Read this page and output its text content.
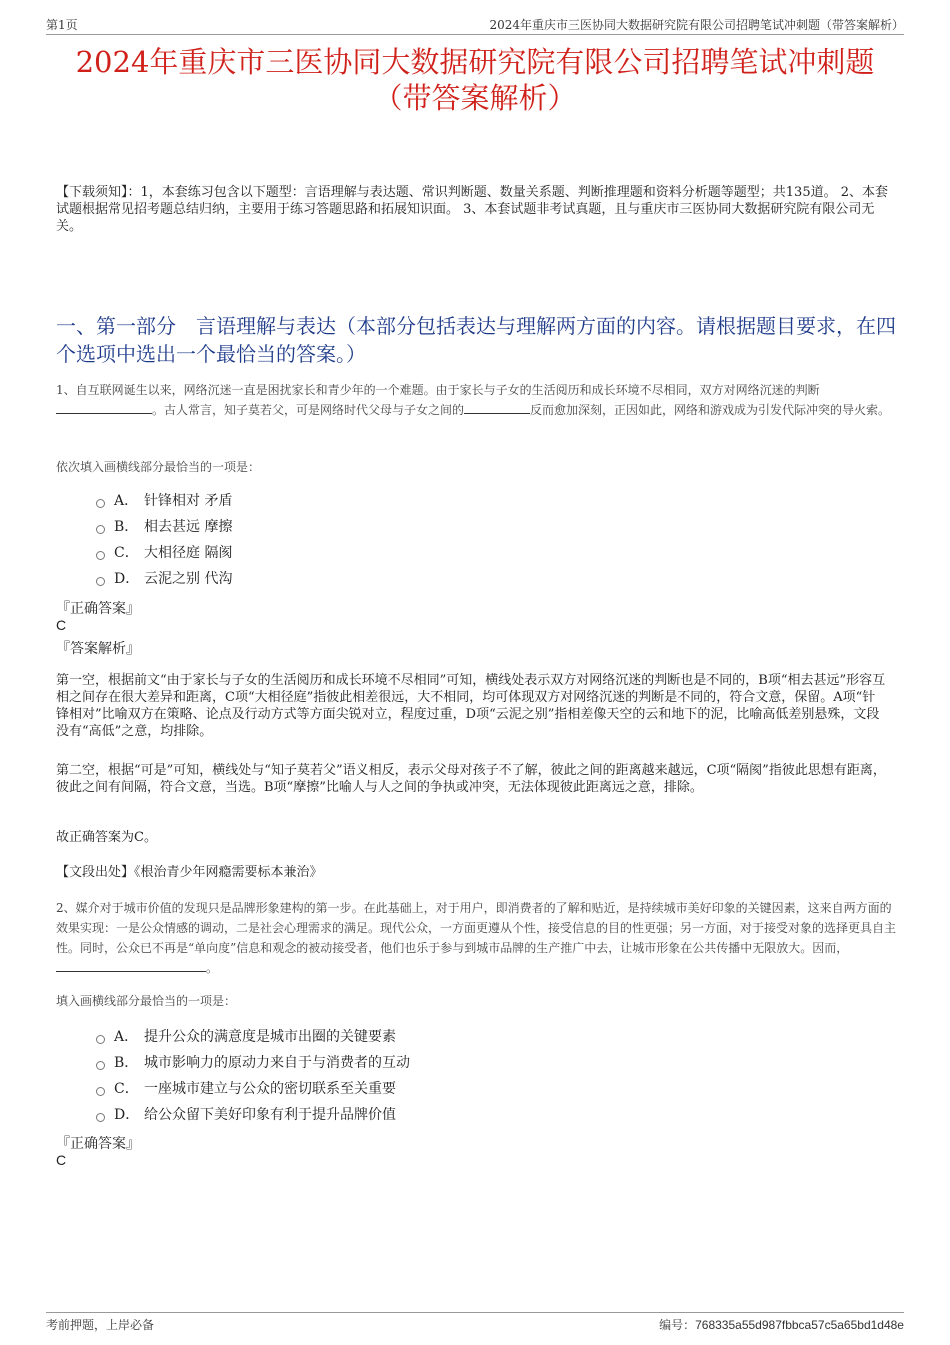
第1页	2024年重庆市三医协同大数据研究院有限公司招聘笔试冲刺题（带答案解析）
2024年重庆市三医协同大数据研究院有限公司招聘笔试冲刺题
（带答案解析）
【下载须知】：1，本套练习包含以下题型：言语理解与表达题、常识判断题、数量关系题、判断推理题和资料分析题等题型；共135道。 2、本套试题根据常见招考题总结归纳，主要用于练习答题思路和拓展知识面。 3、本套试题非考试真题，且与重庆市三医协同大数据研究院有限公司无关。
一、第一部分　言语理解与表达（本部分包括表达与理解两方面的内容。请根据题目要求，在四个选项中选出一个最恰当的答案。）
1、自互联网诞生以来，网络沉迷一直是困扰家长和青少年的一个难题。由于家长与子女的生活阅历和成长环境不尽相同，双方对网络沉迷的判断。古人常言，知子莫若父，可是网络时代父母与子女之间的	反而愈加深刻，正因如此，网络和游戏成为引发代际冲突的导火索。
依次填入画横线部分最恰当的一项是：
A． 针锋相对 矛盾
B． 相去甚远 摩擦
C． 大相径庭 隔阂
D． 云泥之别 代沟
『正确答案』
C
『答案解析』
第一空，根据前文“由于家长与子女的生活阅历和成长环境不尽相同”可知，横线处表示双方对网络沉迷的判断也是不同的，B项“相去甚远”形容互相之间存在很大差异和距离，C项“大相径庭”指彼此相差很远，大不相同，均可体现双方对网络沉迷的判断是不同的，符合文意，保留。A项“针锋相对”比喻双方在策略、论点及行动方式等方面尖锐对立，程度过重，D项“云泥之别”指相差像天空的云和地下的泥，比喻高低差别悬殊，文段没有“高低”之意，均排除。
第二空，根据“可是”可知，横线处与“知子莫若父”语义相反，表示父母对孩子不了解，彼此之间的距离越来越远，C项“隔阂”指彼此思想有距离，彼此之间有间隔，符合文意，当选。B项“摩擦”比喻人与人之间的争执或冲突，无法体现彼此距离远之意，排除。
故正确答案为C。
【文段出处】《根治青少年网瘾需要标本兼治》
2、媒介对于城市价值的发现只是品牌形象建构的第一步。在此基础上，对于用户，即消费者的了解和贴近，是持续城市美好印象的关键因素，这来自两方面的效果实现：一是公众情感的调动，二是社会心理需求的满足。现代公众，一方面更遵从个性，接受信息的目的性更强；另一方面，对于接受对象的选择更具自主性。同时，公众已不再是“单向度”信息和观念的被动接受者，他们也乐于参与到城市品牌的生产推广中去，让城市形象在公共传播中无限放大。因而，。
填入画横线部分最恰当的一项是：
A． 提升公众的满意度是城市出圈的关键要素
B． 城市影响力的原动力来自于与消费者的互动
C． 一座城市建立与公众的密切联系至关重要
D． 给公众留下美好印象有利于提升品牌价值
『正确答案』
C
考前押题，上岸必备	编号：768335a55d987fbbca57c5a65bd1d48e
